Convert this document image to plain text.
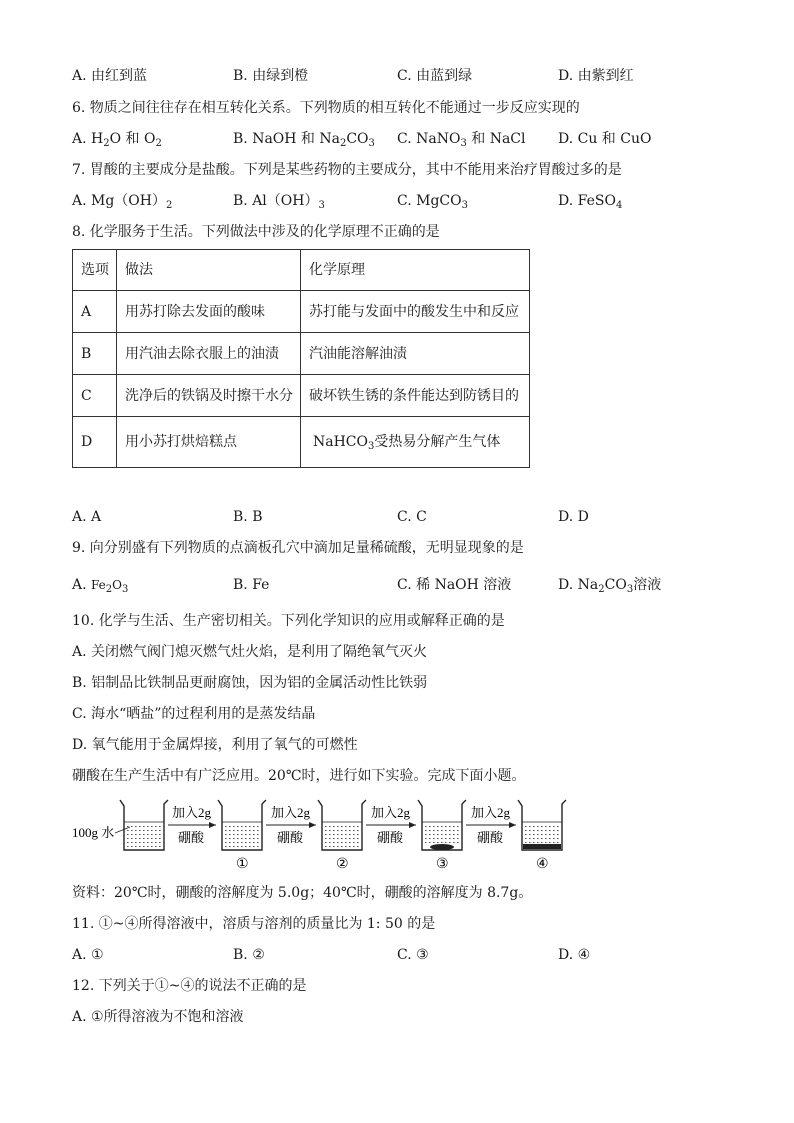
A. 由红到蓝	B. 由绿到橙	C. 由蓝到绿	D. 由紫到红
6. 物质之间往往存在相互转化关系。下列物质的相互转化不能通过一步反应实现的
A. $H_2O$ 和 $O_2$	B. NaOH 和 $Na_2CO_3$ C. NaNO$_3$ 和 NaCl D. Cu 和 CuO
7. 胃酸的主要成分是盐酸。下列是某些药物的主要成分，其中不能用来治疗胃酸过多的是
A. $Mg(OH)_2$	B. $Al(OH)_3$	C. MgCO$_3$	D. FeSO$_4$
8. 化学服务于生活。下列做法中涉及的化学原理不正确的是
选项	做法	化学原理
A	用苏打除去发面的酸味	苏打能与发面中的酸发生中和反应
B	用汽油去除衣服上的油渍	汽油能溶解油渍
C	洗净后的铁锅及时擦干水分	破坏铁生锈的条件能达到防锈目的
D	用小苏打烘焙糕点	NaHCO$_3$受热易分解产生气体
A. A	B. B	C. C	D. D
9. 向分别盛有下列物质的点滴板孔穴中滴加足量稀硫酸，无明显现象的是
A. $Fe_2O_3$	B. Fe	C. 稀 NaOH 溶液	D. $Na_2CO_3$溶液
10. 化学与生活、生产密切相关。下列化学知识的应用或解释正确的是
A. 关闭燃气阀门熄灭燃气灶火焰，是利用了隔绝氧气灭火
B. 铝制品比铁制品更耐腐蚀，因为铝的金属活动性比铁弱
C. 海水“晒盐”的过程利用的是蒸发结晶
D. 氧气能用于金属焊接，利用了氧气的可燃性
硼酸在生产生活中有广泛应用。20℃时，进行如下实验。完成下面小题。
100g 水
加入2g
硼酸
加入2g
硼酸
加入2g
硼酸
加入2g
硼酸
①	②	③	④
资料：20℃时，硼酸的溶解度为 5.0g；40℃时，硼酸的溶解度为 8.7g。
11. ①~④所得溶液中，溶质与溶剂的质量比为 1: 50 的是
A. ①	B. ②	C. ③	D. ④
12. 下列关于①~④的说法不正确的是
A. ①所得溶液为不饱和溶液
